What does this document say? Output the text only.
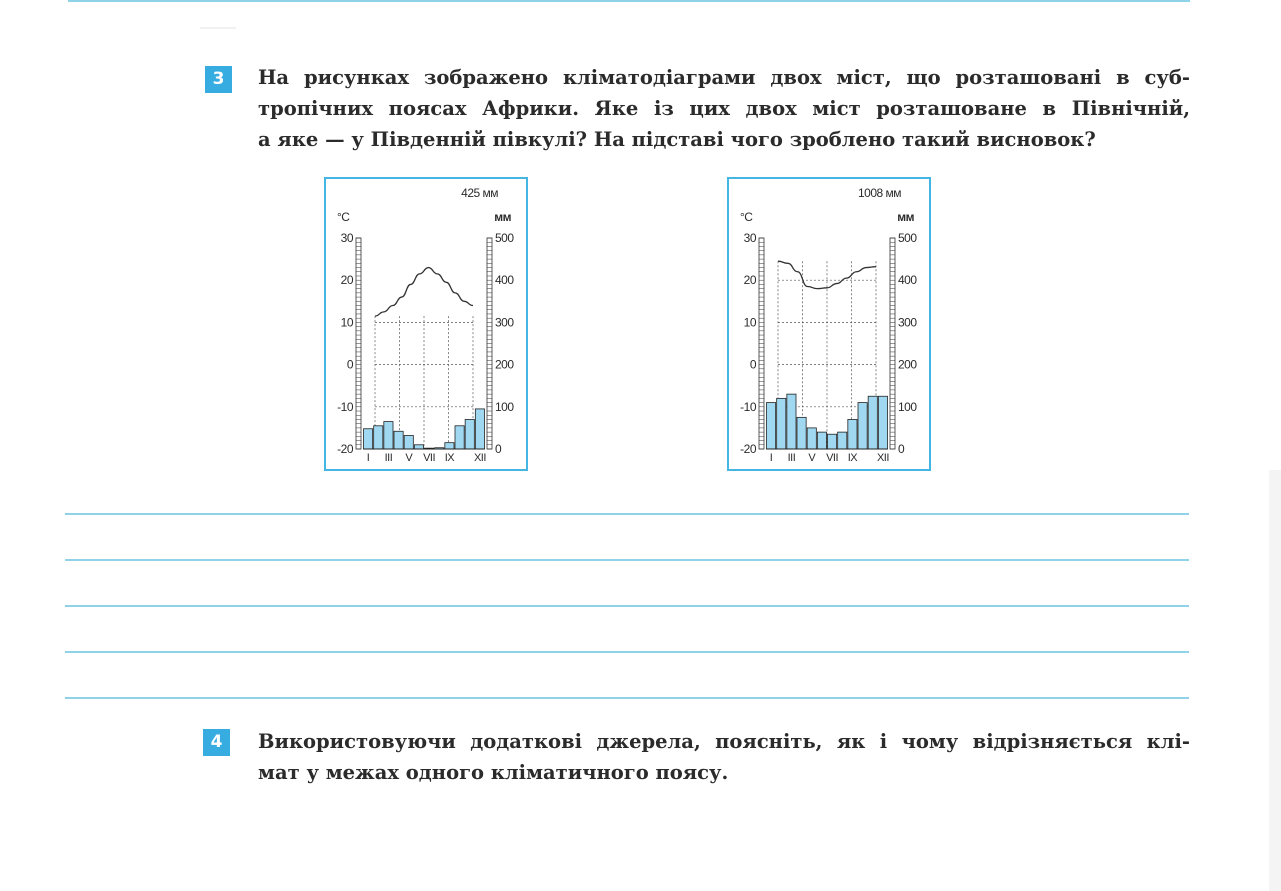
3	На рисунках зображено кліматодіаграми двох міст, що розташовані в суб-
тропічних поясах Африки. Яке із цих двох міст розташоване в Північній,
а яке — у Південній півкулі? На підставі чого зроблено такий висновок?
425 мм
°C	мм
30
20
10
0
-10
-20
500
400
300
200
100
0
I III V VII IX XII
1008 мм
°C	мм
30
20
10
0
-10
-20
500
400
300
200
100
0
I III V VII IX XII
4	Використовуючи додаткові джерела, поясніть, як і чому відрізняється клі-
мат у межах одного кліматичного поясу.
